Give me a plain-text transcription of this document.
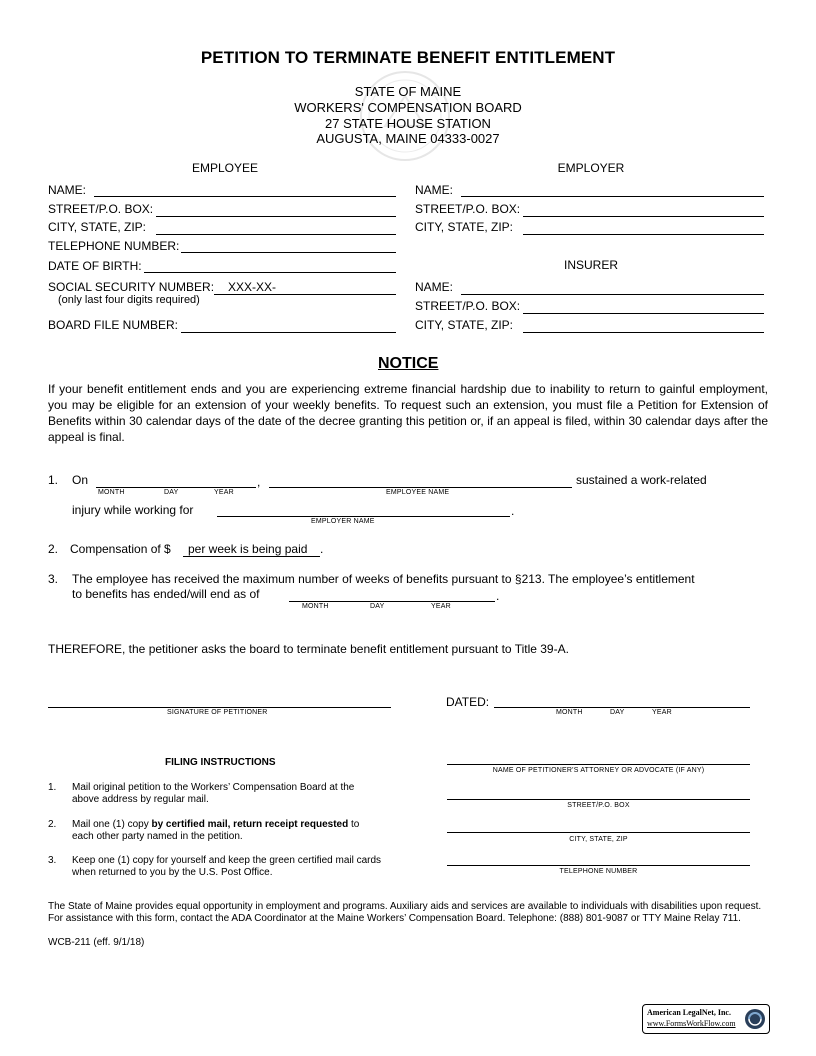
PETITION TO TERMINATE BENEFIT ENTITLEMENT
STATE OF MAINE
WORKERS' COMPENSATION BOARD
27 STATE HOUSE STATION
AUGUSTA, MAINE 04333-0027
EMPLOYEE
NAME:
STREET/P.O. BOX:
CITY, STATE, ZIP:
TELEPHONE NUMBER:
DATE OF BIRTH:
SOCIAL SECURITY NUMBER: XXX-XX-
(only last four digits required)
BOARD FILE NUMBER:
EMPLOYER
NAME:
STREET/P.O. BOX:
CITY, STATE, ZIP:
INSURER
NAME:
STREET/P.O. BOX:
CITY, STATE, ZIP:
NOTICE
If your benefit entitlement ends and you are experiencing extreme financial hardship due to inability to return to gainful employment, you may be eligible for an extension of your weekly benefits. To request such an extension, you must file a Petition for Extension of Benefits within 30 calendar days of the date of the decree granting this petition or, if an appeal is filed, within 30 calendar days after the appeal is final.
1. On	,
MONTH	DAY	YEAR	EMPLOYEE NAME
sustained a work-related
injury while working for	.
EMPLOYER NAME
2. Compensation of $ per week is being paid .
3. The employee has received the maximum number of weeks of benefits pursuant to §213. The employee’s entitlement
to benefits has ended/will end as of	.
MONTH	DAY	YEAR
THEREFORE, the petitioner asks the board to terminate benefit entitlement pursuant to Title 39-A.
SIGNATURE OF PETITIONER
DATED:
MONTH	DAY	YEAR
FILING INSTRUCTIONS
1. Mail original petition to the Workers’ Compensation Board at the above address by regular mail.
2. Mail one (1) copy by certified mail, return receipt requested to each other party named in the petition.
3. Keep one (1) copy for yourself and keep the green certified mail cards when returned to you by the U.S. Post Office.
NAME OF PETITIONER'S ATTORNEY OR ADVOCATE (IF ANY)
STREET/P.O. BOX
CITY, STATE, ZIP
TELEPHONE NUMBER
The State of Maine provides equal opportunity in employment and programs. Auxiliary aids and services are available to individuals with disabilities upon request. For assistance with this form, contact the ADA Coordinator at the Maine Workers’ Compensation Board. Telephone: (888) 801-9087 or TTY Maine Relay 711.
WCB-211 (eff. 9/1/18)
American LegalNet, Inc.
www.FormsWorkFlow.com
